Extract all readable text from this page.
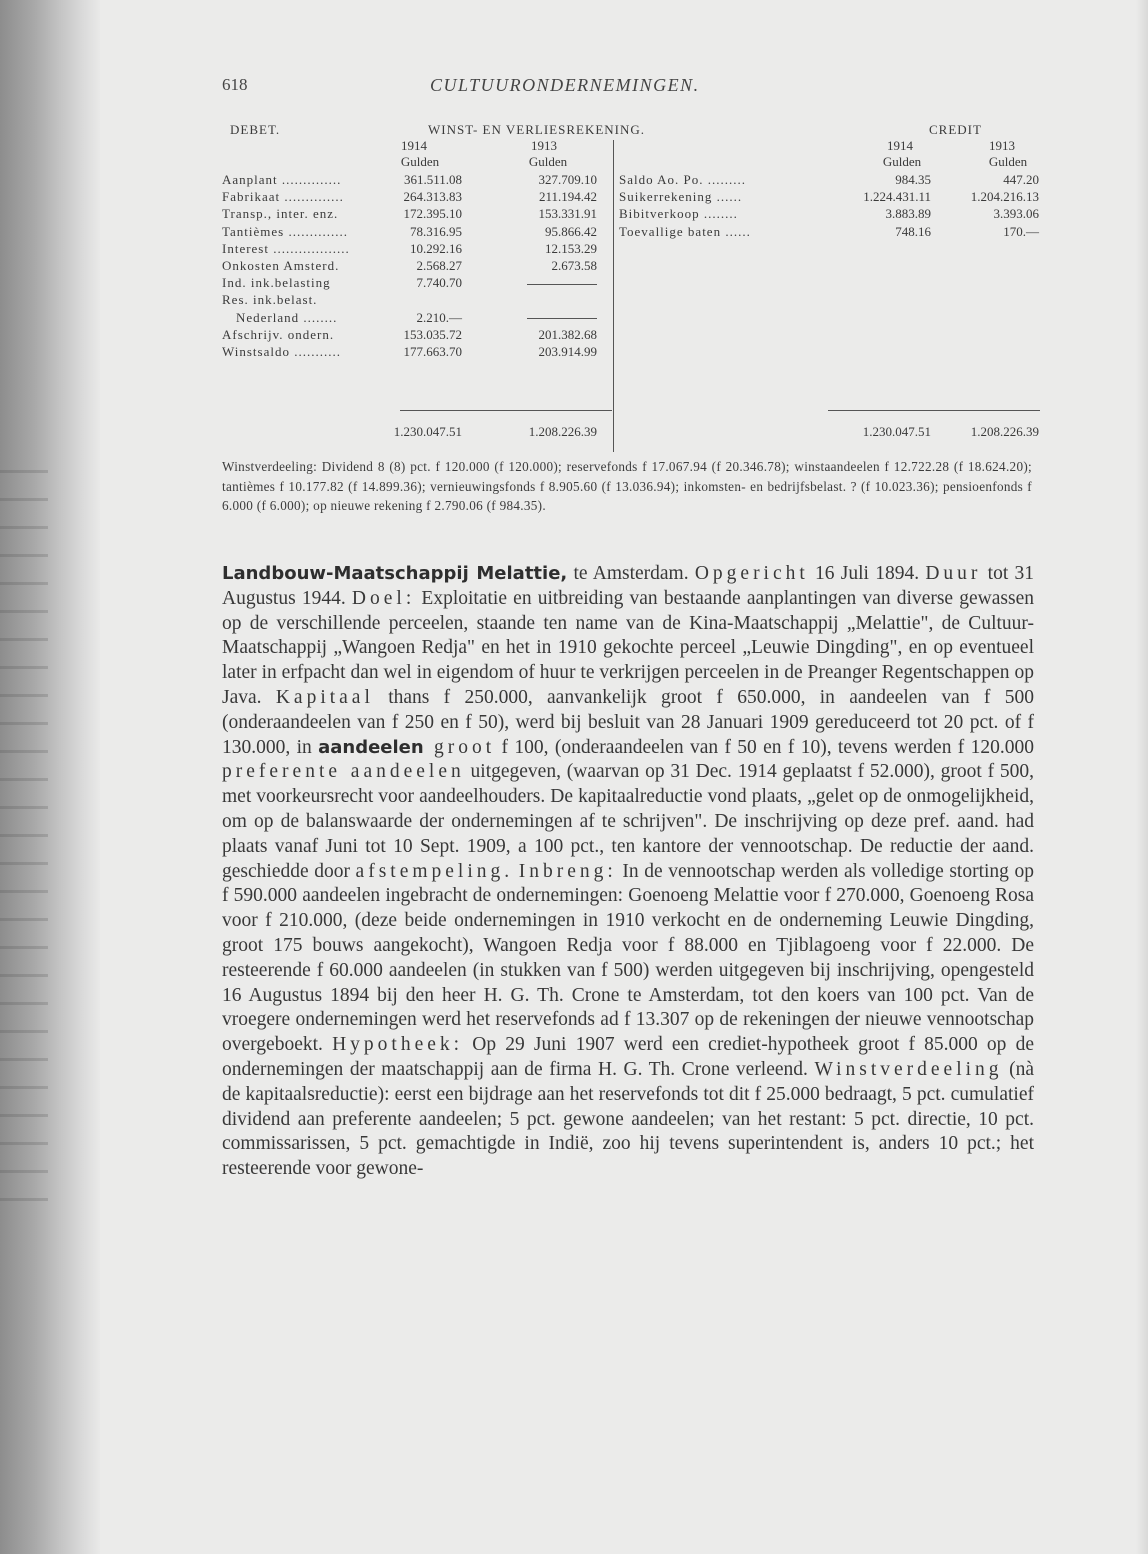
618	CULTUURONDERNEMINGEN.
DEBET.	WINST- EN VERLIESREKENING.	CREDIT
1914	1913	1914	1913
Gulden	Gulden	Gulden	Gulden
Aanplant ..............	361.511.08	327.709.10
Fabrikaat ..............	264.313.83	211.194.42
Transp., inter. enz.	172.395.10	153.331.91
Tantièmes ..............	78.316.95	95.866.42
Interest ..................	10.292.16	12.153.29
Onkosten Amsterd.	2.568.27	2.673.58
Ind. ink.belasting	7.740.70
Res. ink.belast.
Nederland ........	2.210.—
Afschrijv. ondern.	153.035.72	201.382.68
Winstsaldo ...........	177.663.70	203.914.99
Saldo Ao. Po. .........	984.35	447.20
Suikerrekening ......	1.224.431.11	1.204.216.13
Bibitverkoop ........	3.883.89	3.393.06
Toevallige baten ......	748.16	170.—
1.230.047.51	1.208.226.39	1.230.047.51	1.208.226.39
Winstverdeeling: Dividend 8 (8) pct. f 120.000 (f 120.000); reservefonds f 17.067.94 (f 20.346.78); winstaandeelen f 12.722.28 (f 18.624.20); tantièmes f 10.177.82 (f 14.899.36); vernieuwingsfonds f 8.905.60 (f 13.036.94); inkomsten- en bedrijfsbelast. ? (f 10.023.36); pensioenfonds f 6.000 (f 6.000); op nieuwe rekening f 2.790.06 (f 984.35).

Landbouw-Maatschappij Melattie, te Amsterdam. Opgericht 16 Juli 1894. Duur tot 31 Augustus 1944. Doel: Exploitatie en uitbreiding van bestaande aanplantingen van diverse gewassen op de verschillende perceelen, staande ten name van de Kina-Maatschappij „Melattie", de Cultuur-Maatschappij „Wangoen Redja" en het in 1910 gekochte perceel „Leuwie Dingding", en op eventueel later in erfpacht dan wel in eigendom of huur te verkrijgen perceelen in de Preanger Regentschappen op Java. Kapitaal thans f 250.000, aanvankelijk groot f 650.000, in aandeelen van f 500 (onderaandeelen van f 250 en f 50), werd bij besluit van 28 Januari 1909 gereduceerd tot 20 pct. of f 130.000, in aandeelen groot f 100, (onderaandeelen van f 50 en f 10), tevens werden f 120.000 preferente aandeelen uitgegeven, (waarvan op 31 Dec. 1914 geplaatst f 52.000), groot f 500, met voorkeursrecht voor aandeelhouders. De kapitaalreductie vond plaats, „gelet op de onmogelijkheid, om op de balanswaarde der ondernemingen af te schrijven". De inschrijving op deze pref. aand. had plaats vanaf Juni tot 10 Sept. 1909, a 100 pct., ten kantore der vennootschap. De reductie der aand. geschiedde door afstempeling. Inbreng: In de vennootschap werden als volledige storting op f 590.000 aandeelen ingebracht de ondernemingen: Goenoeng Melattie voor f 270.000, Goenoeng Rosa voor f 210.000, (deze beide ondernemingen in 1910 verkocht en de onderneming Leuwie Dingding, groot 175 bouws aangekocht), Wangoen Redja voor f 88.000 en Tjiblagoeng voor f 22.000. De resteerende f 60.000 aandeelen (in stukken van f 500) werden uitgegeven bij inschrijving, opengesteld 16 Augustus 1894 bij den heer H. G. Th. Crone te Amsterdam, tot den koers van 100 pct. Van de vroegere ondernemingen werd het reservefonds ad f 13.307 op de rekeningen der nieuwe vennootschap overgeboekt. Hypotheek: Op 29 Juni 1907 werd een crediet-hypotheek groot f 85.000 op de ondernemingen der maatschappij aan de firma H. G. Th. Crone verleend. Winstverdeeling (nà de kapitaalsreductie): eerst een bijdrage aan het reservefonds tot dit f 25.000 bedraagt, 5 pct. cumulatief dividend aan preferente aandeelen; 5 pct. gewone aandeelen; van het restant: 5 pct. directie, 10 pct. commissarissen, 5 pct. gemachtigde in Indië, zoo hij tevens superintendent is, anders 10 pct.; het resteerende voor gewone-
